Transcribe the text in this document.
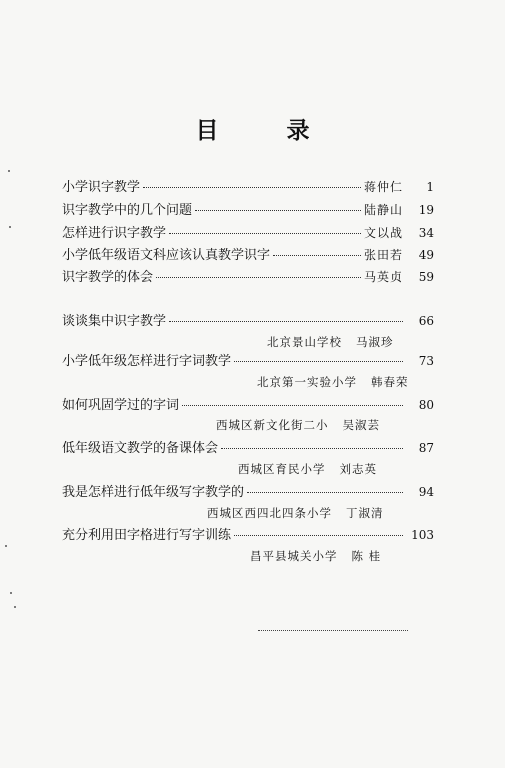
目 录
小学识字教学	蒋仲仁	1
识字教学中的几个问题	陆静山	19
怎样进行识字教学	文以战	34
小学低年级语文科应该认真教学识字	张田若	49
识字教学的体会	马英贞	59
谈谈集中识字教学	66
北京景山学校 马淑珍
小学低年级怎样进行字词教学	73
北京第一实验小学 韩春荣
如何巩固学过的字词	80
西城区新文化街二小 吴淑芸
低年级语文教学的备课体会	87
西城区育民小学 刘志英
我是怎样进行低年级写字教学的	94
西城区西四北四条小学 丁淑清
充分利用田字格进行写字训练	103
昌平县城关小学 陈 桂
